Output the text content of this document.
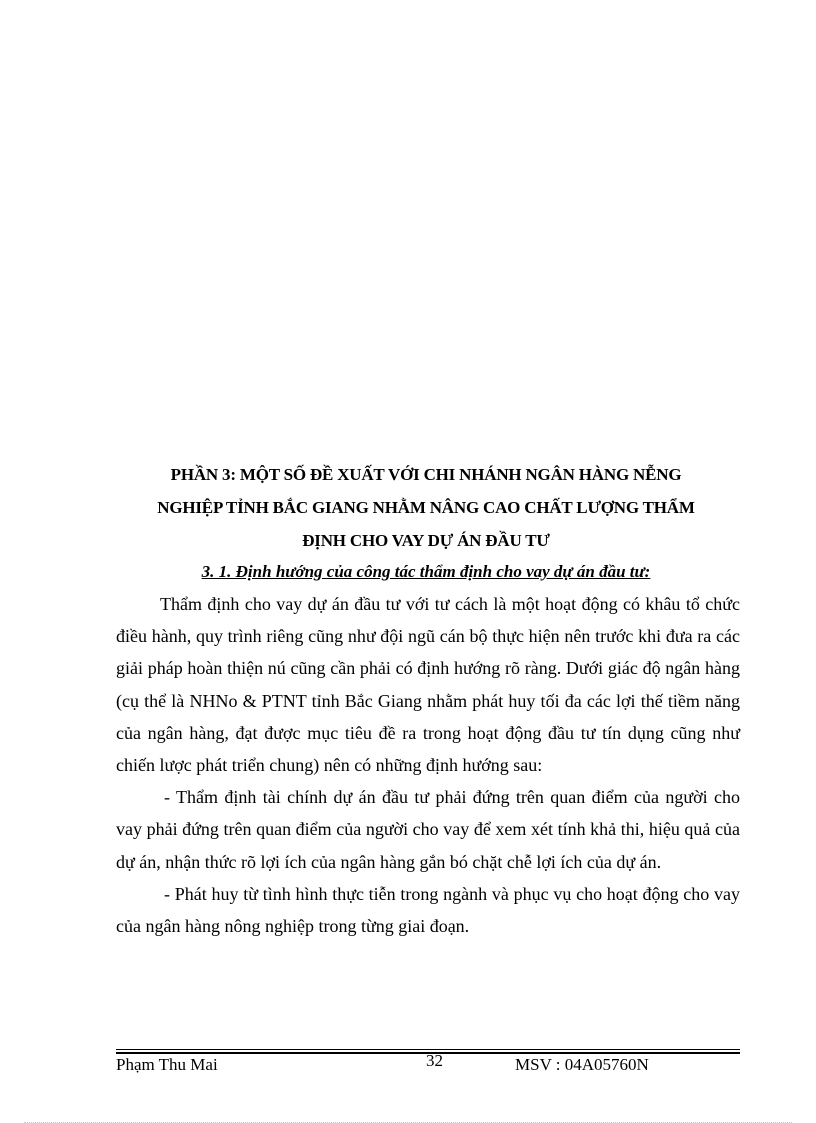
PHẦN 3: MỘT SỐ ĐỀ XUẤT VỚI CHI NHÁNH NGÂN HÀNG NỄNG
NGHIỆP TỈNH BẮC GIANG NHẰM NÂNG CAO CHẤT LƯỢNG THẨM
ĐỊNH CHO VAY DỰ ÁN ĐẦU TƯ
3. 1. Định hướng của công tác thẩm định cho vay dự án đầu tư:

Thẩm định cho vay dự án đầu tư với tư cách là một hoạt động có khâu tổ chức điều hành, quy trình riêng cũng như đội ngũ cán bộ thực hiện nên trước khi đưa ra các giải pháp hoàn thiện nú cũng cần phải có định hướng rõ ràng. Dưới giác độ ngân hàng (cụ thể là NHNo & PTNT tỉnh Bắc Giang nhằm phát huy tối đa các lợi thế tiềm năng của ngân hàng, đạt được mục tiêu đề ra trong hoạt động đầu tư tín dụng cũng như chiến lược phát triển chung) nên có những định hướng sau:

- Thẩm định tài chính dự án đầu tư phải đứng trên quan điểm của người cho vay phải đứng trên quan điểm của người cho vay để xem xét tính khả thi, hiệu quả của dự án, nhận thức rõ lợi ích của ngân hàng gắn bó chặt chễ lợi ích của dự án.

- Phát huy từ tình hình thực tiễn trong ngành và phục vụ cho hoạt động cho vay của ngân hàng nông nghiệp trong từng giai đoạn.

Phạm Thu Mai	32	MSV : 04A05760N
